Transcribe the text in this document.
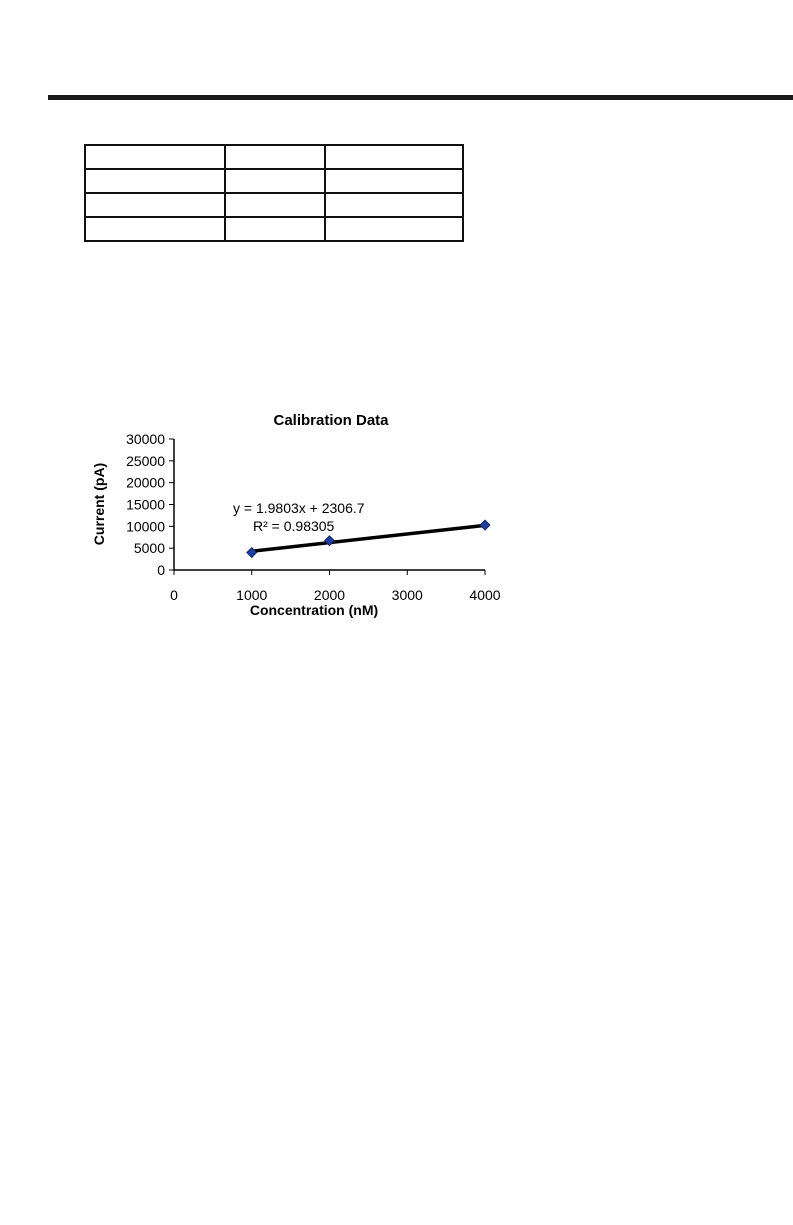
Calibration Data
Current (pA)
Concentration (nM)
0
5000
10000
15000
20000
25000
30000
0	1000	2000	3000	4000
y = 1.9803x + 2306.7
R² = 0.98305
